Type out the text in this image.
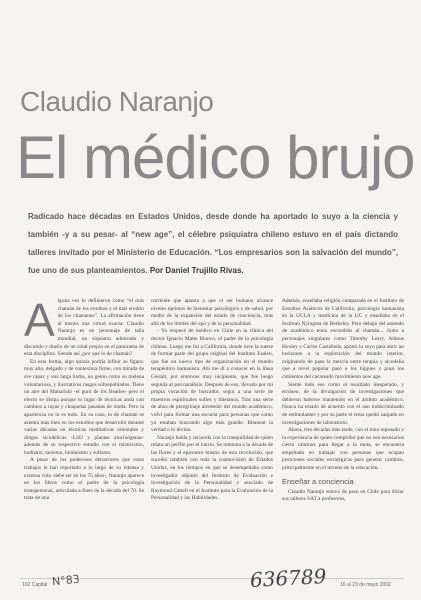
Claudio Naranjo
El médico brujo
Radicado hace décadas en Estados Unidos, desde donde ha aportado lo suyo a la ciencia y también -y a su pesar- al “new age”, el célebre psiquiatra chileno estuvo en el país dictando talleres invitado por el Ministerio de Educación. “Los empresarios son la salvación del mundo”, fue uno de sus planteamientos. Por Daniel Trujillo Rivas.
A lguna vez lo definieron como “el más chamán de los eruditos y el más erudito de los chamanes”. La afirmación tiene al menos una virtud exacta: Claudio Naranjo es en personaje de talla mundial, un siquiatra admirado y discutido y dueño de un sitial propio en el panorama de esta disciplina. Siendo así ¿por qué lo de chamán?

En esta forma, algo quizás podría influir su figura: muy alto, delgado y de contextura firme, con mirada de ave rapaz y una larga barba, un genio como su melena voluntariosa, y ilustrativos rasgos sobrepoblados. Tiene un aire del Maharishi -el gurú de los Beatles- pero el efecto se disipa porque lo lugar de técnicas anda con cambios a rayas y chaquetas pasadas de moda. Pero la apariencia no lo es todo. En su caso, lo de chamán se asienta más bien en los estudios que desarrolló durante varias décadas en técnicas meditativas orientales y drogas sicodélicas -LSD y plantas alucinógenas- además de su respectivo estudio con el misticismo, budismo, taoísmo, hinduismo y sufismo.

A pesar de los poderosos detractores que estos trabajos le han reportado a lo largo de su intensa y extensa vida -debe ser en los 75 años-, Naranjo aparece en los libros como el padre de la psicología transpersonal, articulada a fines de la década del 70. Se trata de una

corriente que apunta a que el ser humano alcance niveles óptimos de bienestar psicológico y de salud, por medio de la expansión del estado de conciencia, más allá de los límites del ego y de la personalidad.

- Yo empecé de médico en Chile en la clínica del doctor Ignacio Matte Blanco, el padre de la psicología chilena. Luego me fui a California, donde tuve la suerte de formar parte del grupo original del Instituto Esalen, que fue un nuevo tipo de organización en el mundo terapéutico humanista. Ahí me dí a conocer en la línea Gestalt, por entonces muy incipiente, que fue luego seguida al psicoanálisis. Después de eso, llevado por mi propia vocación de buscador, seguí a una serie de maestros espirituales sufíes y tibetanos. Tras una serie de años de peregrinaje alrededor del mundo académico, volví para formar una escuela para personas que como yo estaban buscando algo más grande. Bitanear la verdad o lo divino.

Naranjo habla y recuerda con la tranquilidad de quien relata un perfilo por el barrio. Se remonta a la década de las flores y el epicentro mismo de esta revolución, que sucedió también con toda la cosmovisión de Estados Unidos, en los tiempos en que se desempeñaba como investigador adjunto del Instituto de Evaluación e Investigación de la Personalidad y asociado de Raymond Cattell en el Instituto para la Evaluación de la Personalidad y las Habilidades.

Además, enseñaba religión comparada en el Instituto de Estudios Asiáticos de California, psicología humanista en la UCLA y medicina de la UC y enseñaba en el Instituto Nyingma de Berkeley. Pero debajo del atuendo de académico tenía escondido al chamán... Junto a personajes singulares como Timothy Leary, Aldous Huxley y Carlos Castañeda, aportó lo suyo para abrir un horizonte a la exploración del mundo interior, originando de paso la mezcla entre terapia y sicodelia que a nivel popular pasó a los hippies y pusó los cimientos del cacareado movimiento new age.

Siente todo eso como el resultado inesperado, y erróneo, de la divulgación de investigaciones que debieron haberse mantenido en el ámbito académico. Nunca ha estado de acuerdo con el uso indiscriminado de estimulantes y por su parte el tema quedó zanjado en investigaciones de laboratorio.

Ahora, tres décadas más tarde, con el tono reposado y la experiencia de quien comprobó que no son necesarios cierto caminos para llegar a la meta, se encuentra empeñado en trabajar con personas que ocupan posiciones sociales estratégicas para generar cambios, principalmente en el terreno de la educación.

Enseñar a conciencia

Claudio Naranjo estuvo de paso en Chile para dictar sus talleres SAT a profesores,

102 Capital N°83	636789	16 al 23 de mayo 2002
